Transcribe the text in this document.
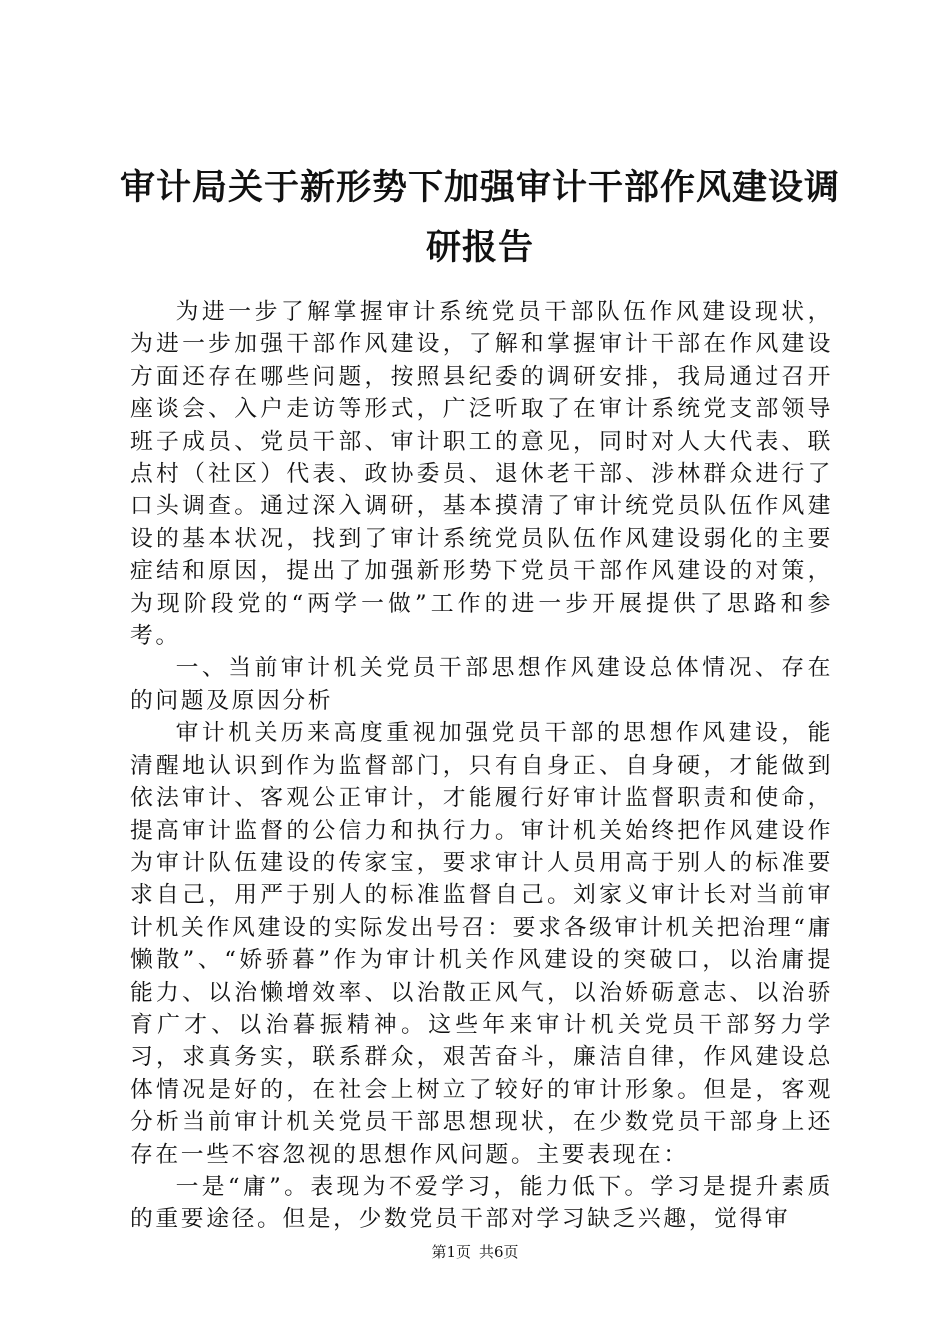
审计局关于新形势下加强审计干部作风建设调研报告

为进一步了解掌握审计系统党员干部队伍作风建设现状，为进一步加强干部作风建设，了解和掌握审计干部在作风建设方面还存在哪些问题，按照县纪委的调研安排，我局通过召开座谈会、入户走访等形式，广泛听取了在审计系统党支部领导班子成员、党员干部、审计职工的意见，同时对人大代表、联点村（社区）代表、政协委员、退休老干部、涉林群众进行了口头调查。通过深入调研，基本摸清了审计统党员队伍作风建设的基本状况，找到了审计系统党员队伍作风建设弱化的主要症结和原因，提出了加强新形势下党员干部作风建设的对策，为现阶段党的“两学一做”工作的进一步开展提供了思路和参考。

一、当前审计机关党员干部思想作风建设总体情况、存在的问题及原因分析

审计机关历来高度重视加强党员干部的思想作风建设，能清醒地认识到作为监督部门，只有自身正、自身硬，才能做到依法审计、客观公正审计，才能履行好审计监督职责和使命，提高审计监督的公信力和执行力。审计机关始终把作风建设作为审计队伍建设的传家宝，要求审计人员用高于别人的标准要求自己，用严于别人的标准监督自己。刘家义审计长对当前审计机关作风建设的实际发出号召：要求各级审计机关把治理“庸懒散”、“娇骄暮”作为审计机关作风建设的突破口，以治庸提能力、以治懒增效率、以治散正风气，以治娇砺意志、以治骄育广才、以治暮振精神。这些年来审计机关党员干部努力学习，求真务实，联系群众，艰苦奋斗，廉洁自律，作风建设总体情况是好的，在社会上树立了较好的审计形象。但是，客观分析当前审计机关党员干部思想现状，在少数党员干部身上还存在一些不容忽视的思想作风问题。主要表现在：

一是“庸”。表现为不爱学习，能力低下。学习是提升素质的重要途径。但是，少数党员干部对学习缺乏兴趣，觉得审

第1页 共6页
